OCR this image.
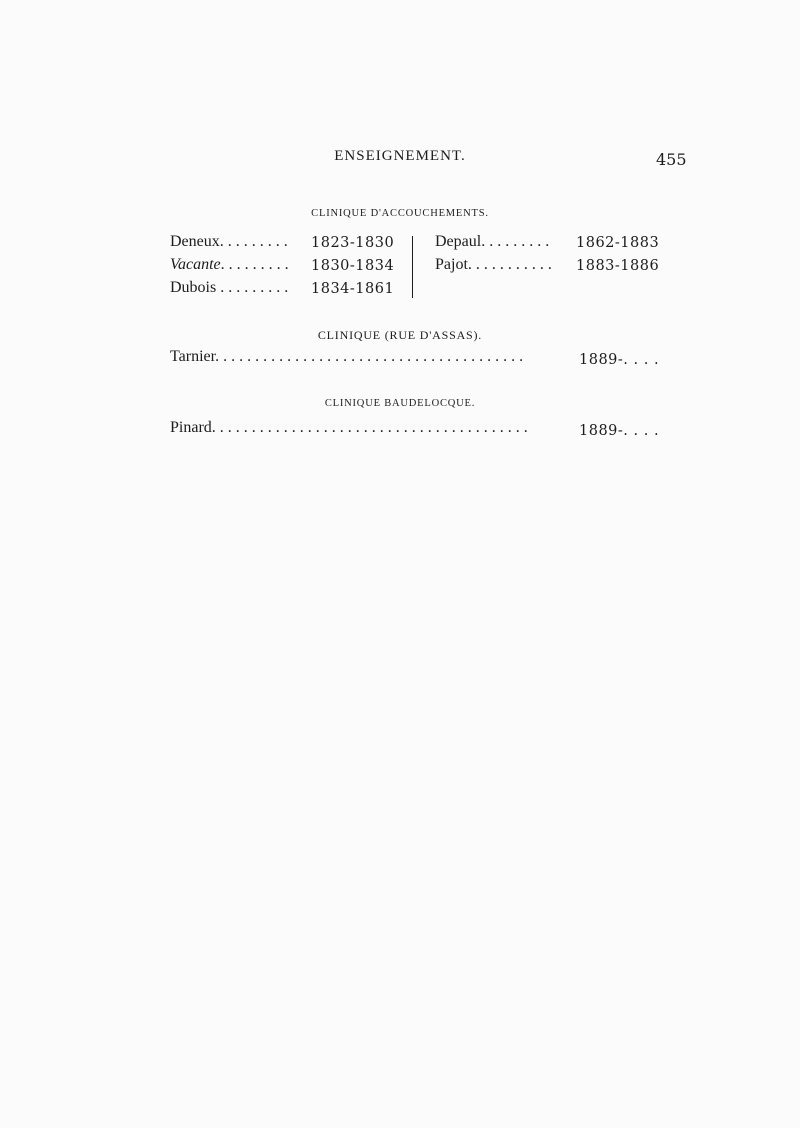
ENSEIGNEMENT.	455
CLINIQUE D'ACCOUCHEMENTS.
Deneux. . . . . . . . . 1823-1830
Vacante. . . . . . . . . 1830-1834
Dubois . . . . . . . . . 1834-1861
Depaul. . . . . . . . . 1862-1883
Pajot. . . . . . . . . . . 1883-1886
CLINIQUE (RUE D'ASSAS).
Tarnier. . . . . . . . . . . . . . . . . . . . . . . . . . . . . . . . . . . . . . .	1889-. . . .
CLINIQUE BAUDELOCQUE.
Pinard. . . . . . . . . . . . . . . . . . . . . . . . . . . . . . . . . . . . . . . .	1889-. . . .
